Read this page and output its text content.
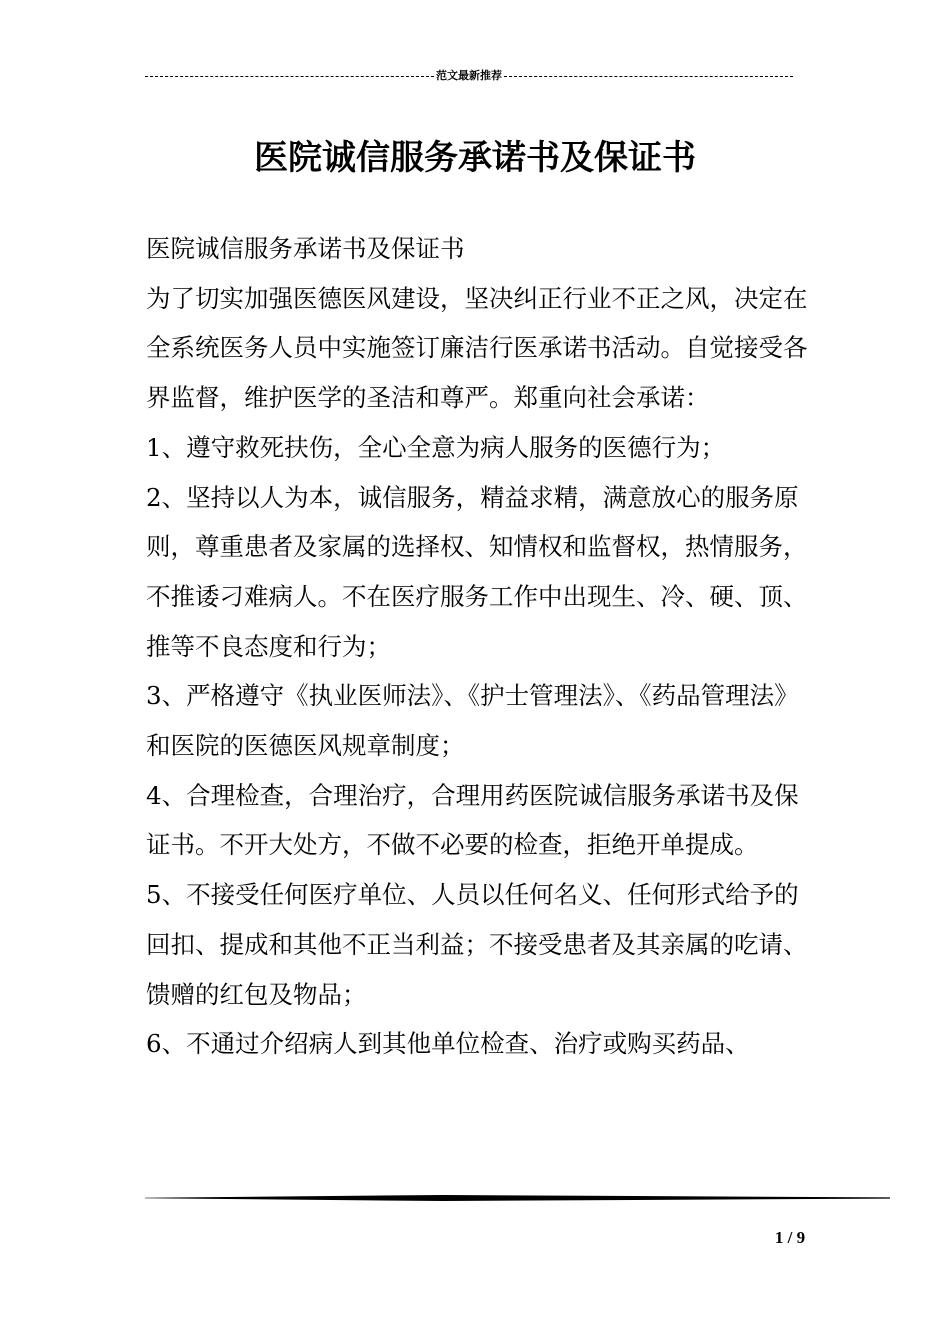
范文最新推荐
医院诚信服务承诺书及保证书

医院诚信服务承诺书及保证书

为了切实加强医德医风建设，坚决纠正行业不正之风，决定在全系统医务人员中实施签订廉洁行医承诺书活动。自觉接受各界监督，维护医学的圣洁和尊严。郑重向社会承诺：

1、遵守救死扶伤，全心全意为病人服务的医德行为；

2、坚持以人为本，诚信服务，精益求精，满意放心的服务原则，尊重患者及家属的选择权、知情权和监督权，热情服务，不推诿刁难病人。不在医疗服务工作中出现生、冷、硬、顶、推等不良态度和行为；

3、严格遵守《执业医师法》、《护士管理法》、《药品管理法》和医院的医德医风规章制度；

4、合理检查，合理治疗，合理用药医院诚信服务承诺书及保证书。不开大处方，不做不必要的检查，拒绝开单提成。

5、不接受任何医疗单位、人员以任何名义、任何形式给予的回扣、提成和其他不正当利益；不接受患者及其亲属的吃请、馈赠的红包及物品；

6、不通过介绍病人到其他单位检查、治疗或购买药品、

1 / 9
